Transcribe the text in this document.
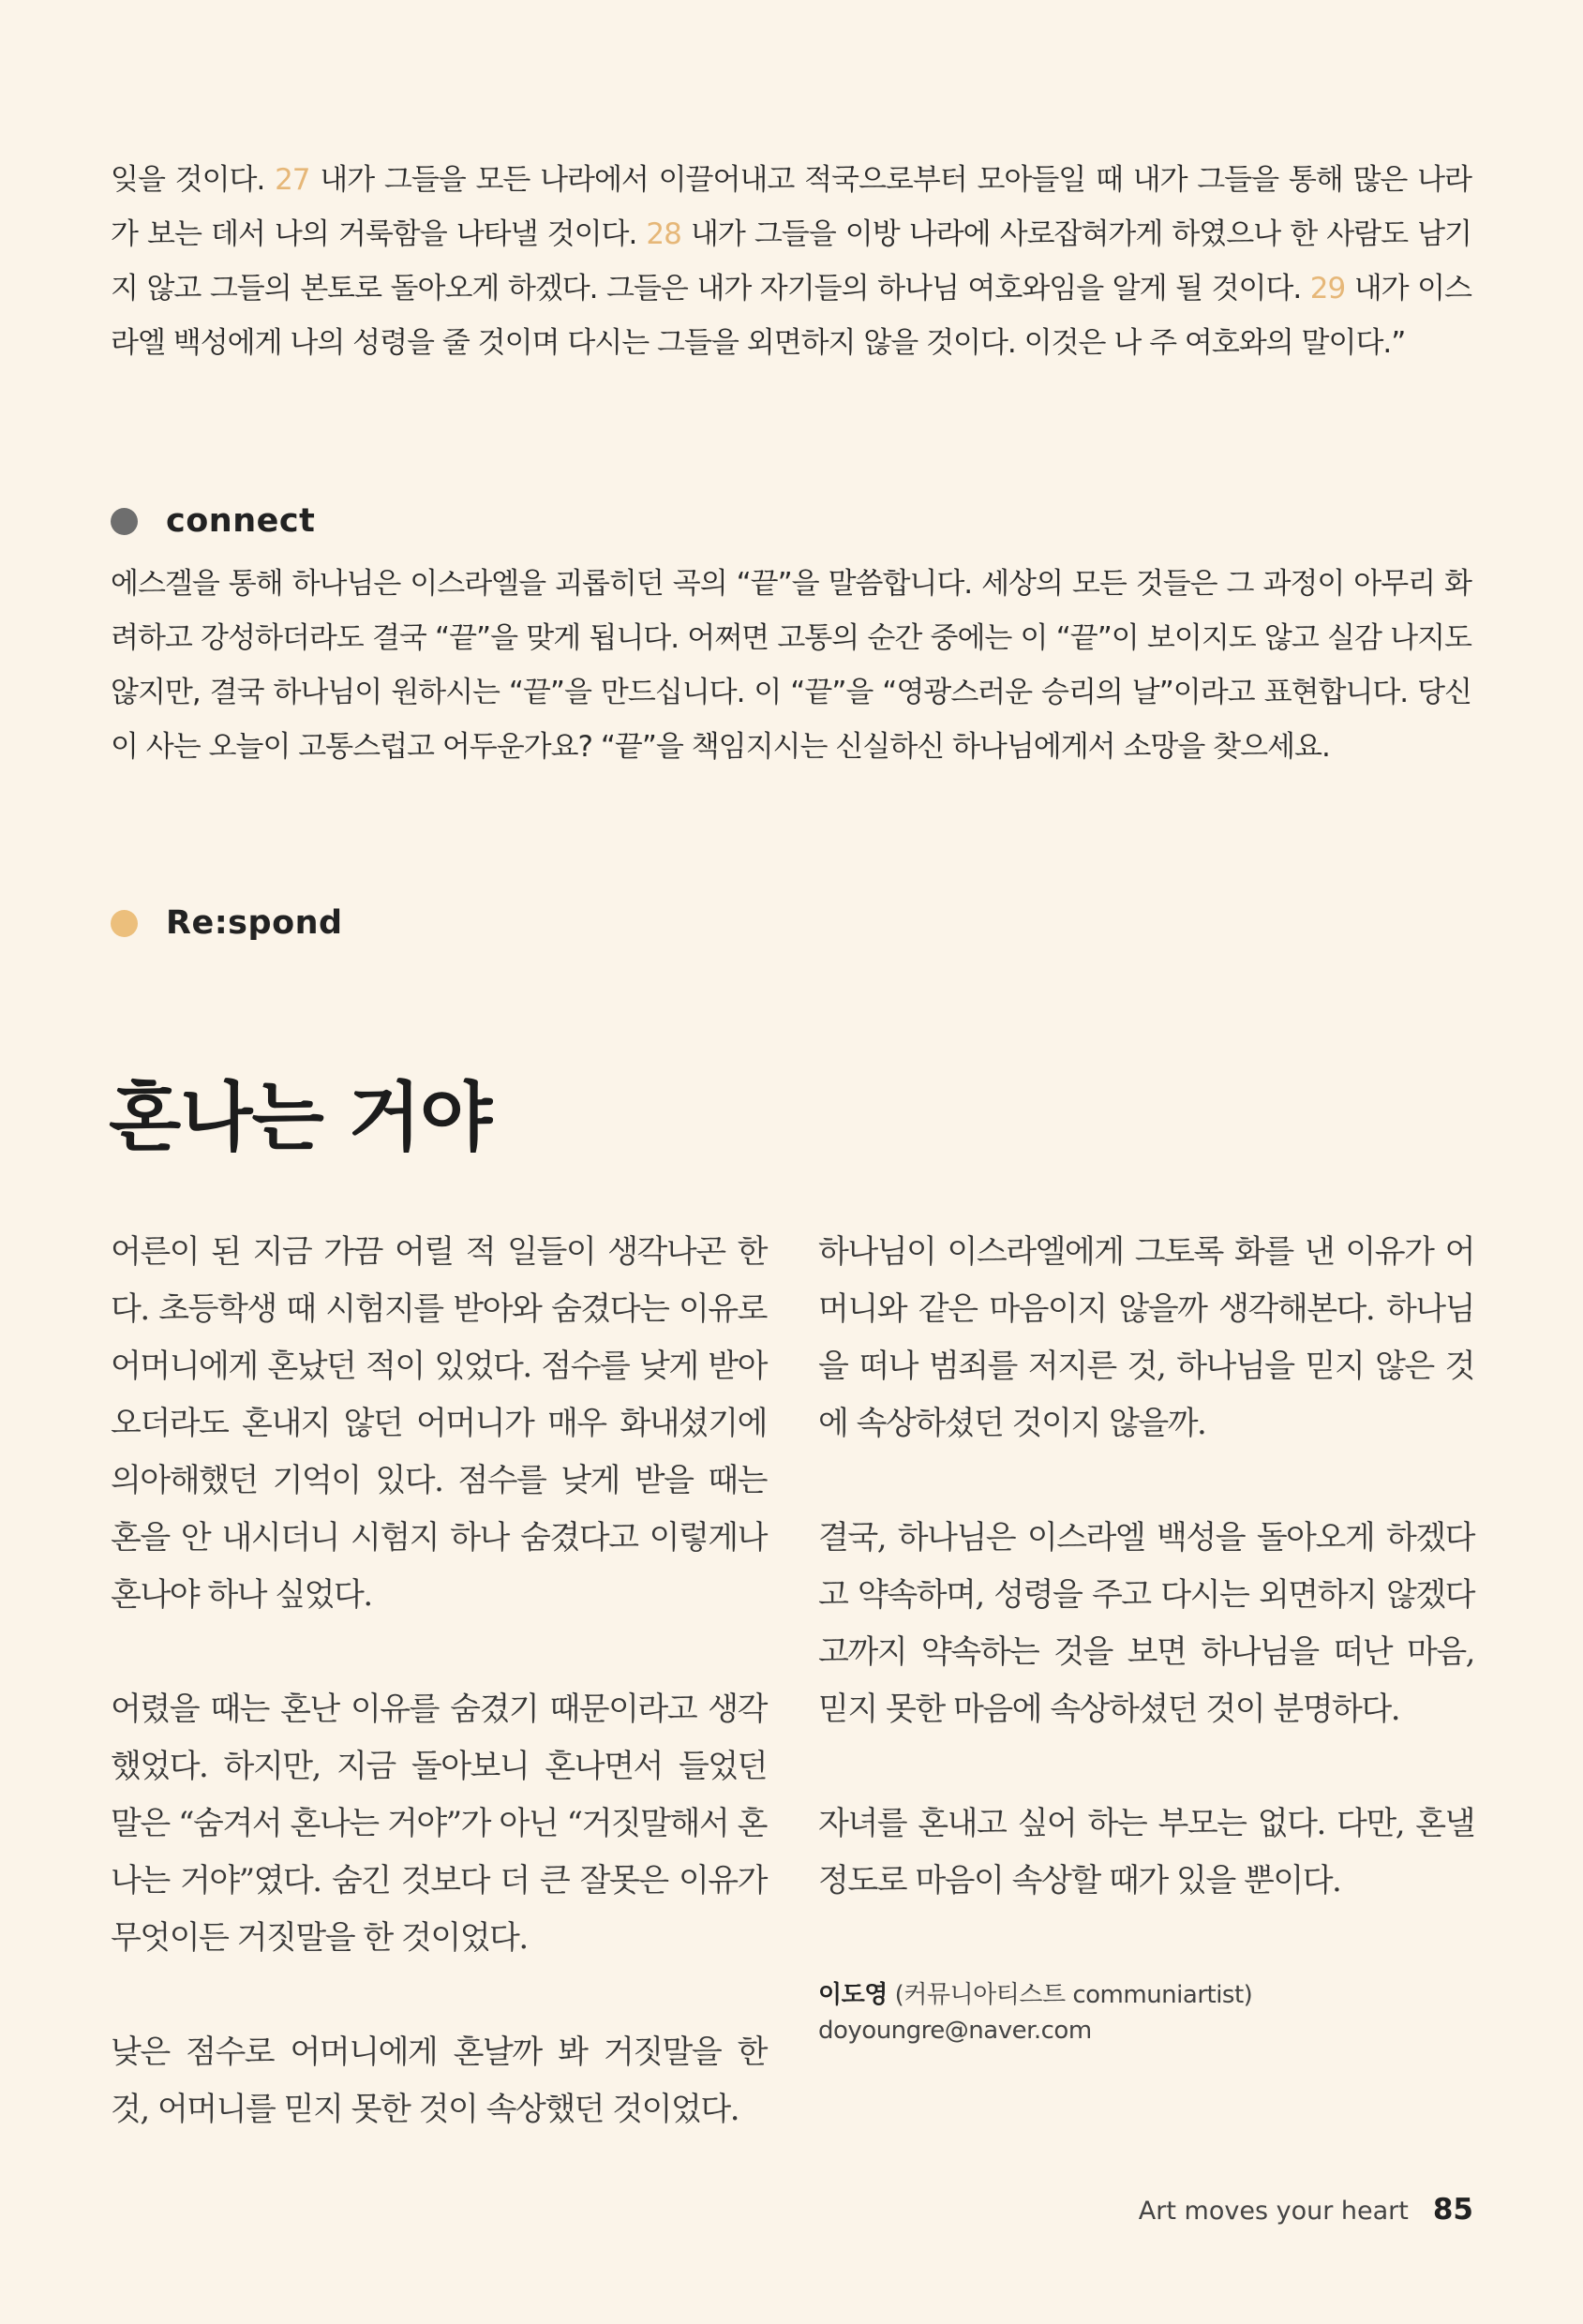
잊을 것이다. 27 내가 그들을 모든 나라에서 이끌어내고 적국으로부터 모아들일 때 내가 그들을 통해 많은 나라가 보는 데서 나의 거룩함을 나타낼 것이다. 28 내가 그들을 이방 나라에 사로잡혀가게 하였으나 한 사람도 남기지 않고 그들의 본토로 돌아오게 하겠다. 그들은 내가 자기들의 하나님 여호와임을 알게 될 것이다. 29 내가 이스라엘 백성에게 나의 성령을 줄 것이며 다시는 그들을 외면하지 않을 것이다. 이것은 나 주 여호와의 말이다.”

connect

에스겔을 통해 하나님은 이스라엘을 괴롭히던 곡의 “끝”을 말씀합니다. 세상의 모든 것들은 그 과정이 아무리 화려하고 강성하더라도 결국 “끝”을 맞게 됩니다. 어쩌면 고통의 순간 중에는 이 “끝”이 보이지도 않고 실감 나지도 않지만, 결국 하나님이 원하시는 “끝”을 만드십니다. 이 “끝”을 “영광스러운 승리의 날”이라고 표현합니다. 당신이 사는 오늘이 고통스럽고 어두운가요? “끝”을 책임지시는 신실하신 하나님에게서 소망을 찾으세요.

Re:spond
혼나는 거야

어른이 된 지금 가끔 어릴 적 일들이 생각나곤 한다. 초등학생 때 시험지를 받아와 숨겼다는 이유로 어머니에게 혼났던 적이 있었다. 점수를 낮게 받아오더라도 혼내지 않던 어머니가 매우 화내셨기에 의아해했던 기억이 있다. 점수를 낮게 받을 때는 혼을 안 내시더니 시험지 하나 숨겼다고 이렇게나 혼나야 하나 싶었다.

어렸을 때는 혼난 이유를 숨겼기 때문이라고 생각했었다. 하지만, 지금 돌아보니 혼나면서 들었던 말은 “숨겨서 혼나는 거야”가 아닌 “거짓말해서 혼나는 거야”였다. 숨긴 것보다 더 큰 잘못은 이유가 무엇이든 거짓말을 한 것이었다.

낮은 점수로 어머니에게 혼날까 봐 거짓말을 한 것, 어머니를 믿지 못한 것이 속상했던 것이었다.

하나님이 이스라엘에게 그토록 화를 낸 이유가 어머니와 같은 마음이지 않을까 생각해본다. 하나님을 떠나 범죄를 저지른 것, 하나님을 믿지 않은 것에 속상하셨던 것이지 않을까.

결국, 하나님은 이스라엘 백성을 돌아오게 하겠다고 약속하며, 성령을 주고 다시는 외면하지 않겠다고까지 약속하는 것을 보면 하나님을 떠난 마음, 믿지 못한 마음에 속상하셨던 것이 분명하다.

자녀를 혼내고 싶어 하는 부모는 없다. 다만, 혼낼 정도로 마음이 속상할 때가 있을 뿐이다.

이도영 (커뮤니아티스트 communiartist)
doyoungre@naver.com
Art moves your heart 85
